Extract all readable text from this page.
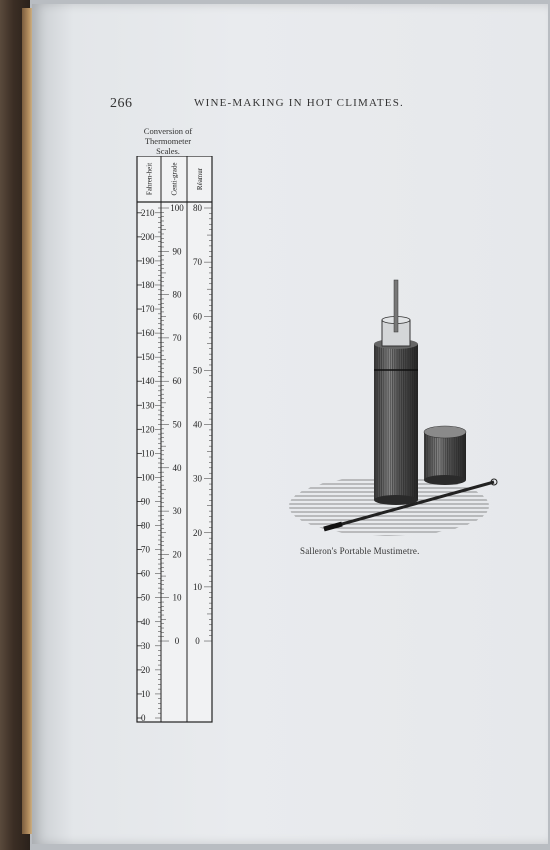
266	WINE-MAKING IN HOT CLIMATES.
Conversion of
Thermometer
Scales.
Fahren-heit Centi-grade	Réamur
210
200
190
180
170
160
150
140
130
120
110
100
90
80
70
60
50
40
30
20
10
0
100
90
80
70
60
50
40
30
20
10
0
80
70
60
50
40
30
20
10
0
Salleron's Portable Mustimetre.
